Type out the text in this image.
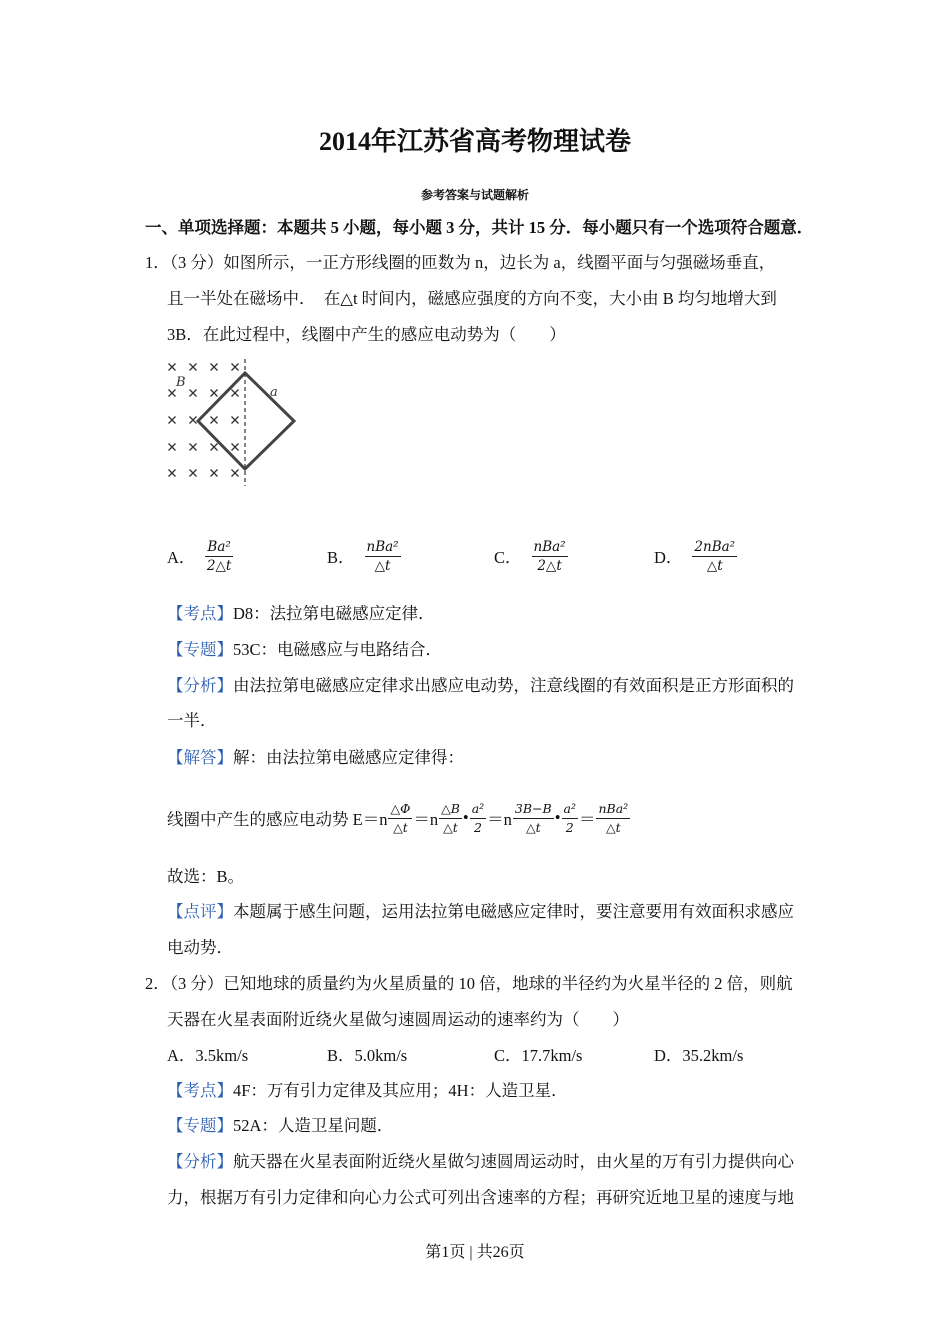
2014年江苏省高考物理试卷
参考答案与试题解析
一、单项选择题：本题共 5 小题，每小题 3 分，共计 15 分．每小题只有一个选项符合题意．
1．（3 分）如图所示，一正方形线圈的匝数为 n，边长为 a，线圈平面与匀强磁场垂直，
且一半处在磁场中．  在△t 时间内，磁感应强度的方向不变，大小由 B 均匀地增大到
3B．在此过程中，线圈中产生的感应电动势为（　　）
B
a
A． $\frac{\text{Ba²}}{2\triangle t}$	B． $\frac{\text{nBa²}}{\triangle t}$	C． $\frac{\text{nBa²}}{2\triangle t}$	D． $\frac{\text{2nBa²}}{\triangle t}$
【考点】D8：法拉第电磁感应定律．
【专题】53C：电磁感应与电路结合．
【分析】由法拉第电磁感应定律求出感应电动势，注意线圈的有效面积是正方形面积的
一半．
【解答】解：由法拉第电磁感应定律得：
线圈中产生的感应电动势 $E=n \frac{\triangle\Phi}{\triangle t} =n \frac{\triangle B}{\triangle t}$ • $\frac{\text{a²}}{2} =n \frac{3B-B}{\triangle t}$ • $\frac{\text{a²}}{2} = \frac{\text{nBa²}}{\triangle t}$
故选：B。
【点评】本题属于感生问题，运用法拉第电磁感应定律时，要注意要用有效面积求感应
电动势．
2．（3 分）已知地球的质量约为火星质量的 10 倍，地球的半径约为火星半径的 2 倍，则航
天器在火星表面附近绕火星做匀速圆周运动的速率约为（　　）
A．3.5km/s	B．5.0km/s	C．17.7km/s	D．35.2km/s
【考点】4F：万有引力定律及其应用；4H：人造卫星．
【专题】52A：人造卫星问题．
【分析】航天器在火星表面附近绕火星做匀速圆周运动时，由火星的万有引力提供向心
力，根据万有引力定律和向心力公式可列出含速率的方程；再研究近地卫星的速度与地
第1页 | 共26页
